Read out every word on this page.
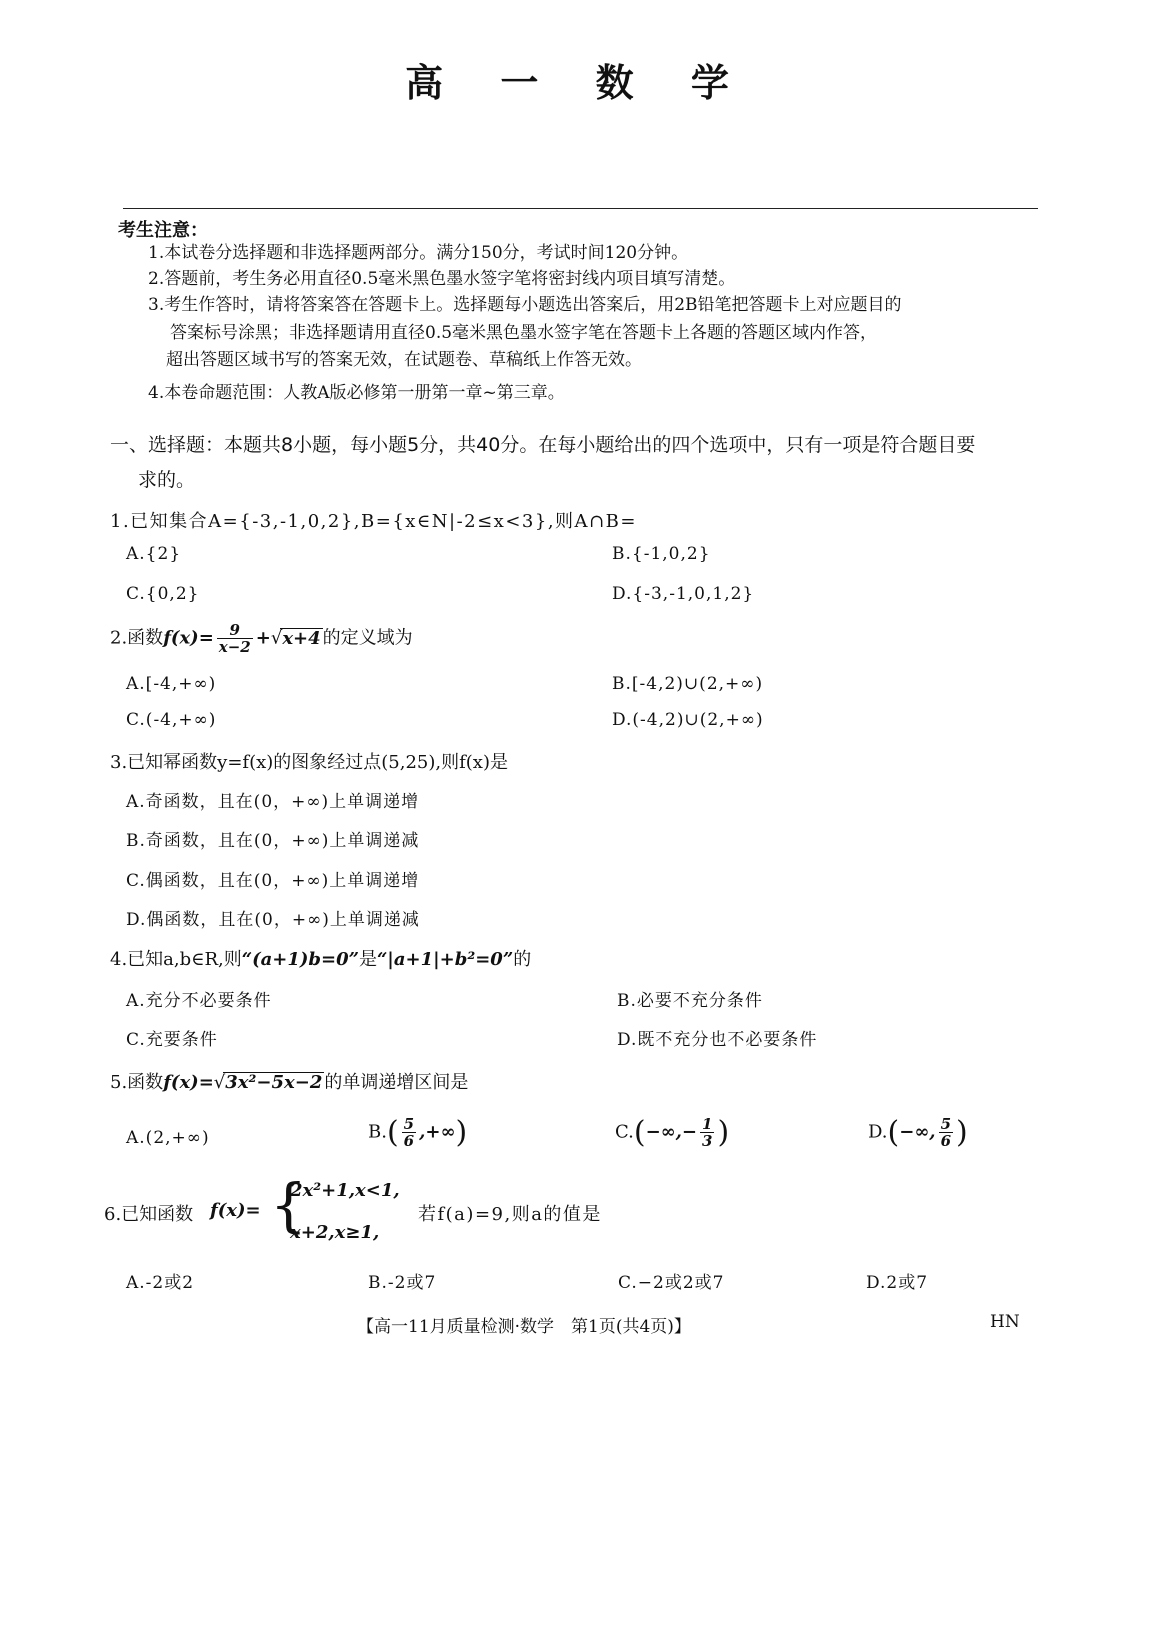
高 一 数 学
考生注意：
1.本试卷分选择题和非选择题两部分。满分150分，考试时间120分钟。
2.答题前，考生务必用直径0.5毫米黑色墨水签字笔将密封线内项目填写清楚。
3.考生作答时，请将答案答在答题卡上。选择题每小题选出答案后，用2B铅笔把答题卡上对应题目的
答案标号涂黑；非选择题请用直径0.5毫米黑色墨水签字笔在答题卡上各题的答题区域内作答，
超出答题区域书写的答案无效，在试题卷、草稿纸上作答无效。
4.本卷命题范围：人教A版必修第一册第一章~第三章。
一、选择题：本题共8小题，每小题5分，共40分。在每小题给出的四个选项中，只有一项是符合题目要
求的。
1.已知集合A={-3,-1,0,2},B={x∈N|-2≤x<3},则A∩B=
A.{2}	B.{-1,0,2}
C.{0,2}	D.{-3,-1,0,1,2}
2.函数$f(x)= \frac{9}{x-2} +√x+4$ 的定义域为
A.[-4,+∞)	B.[-4,2)∪(2,+∞)
C.(-4,+∞)	D.(-4,2)∪(2,+∞)
3.已知幂函数y=f(x)的图象经过点(5,25),则f(x)是
A.奇函数，且在(0，+∞)上单调递增
B.奇函数，且在(0，+∞)上单调递减
C.偶函数，且在(0，+∞)上单调递增
D.偶函数，且在(0，+∞)上单调递减
4.已知a,b∈R,则“(a+1)b=0”是“|a+1|+b²=0”的
A.充分不必要条件	B.必要不充分条件
C.充要条件	D.既不充分也不必要条件
5.函数f(x)=√3x²−5x−2 的单调递增区间是
A.(2,+∞)	$B.( \frac{5}{6}$ ,+∞)	$C.(-\infty,- \frac{1}{3}$ )	D.(−∞, $\frac{5}{6}$ )
6.已知函数 f(x)= {
2x²+1,x<1,
x+2,x≥1,
若f(a)=9,则a的值是
A.-2或2	B.-2或7	C.−2或2或7	D.2或7
【高一11月质量检测·数学　第1页(共4页)】	HN
